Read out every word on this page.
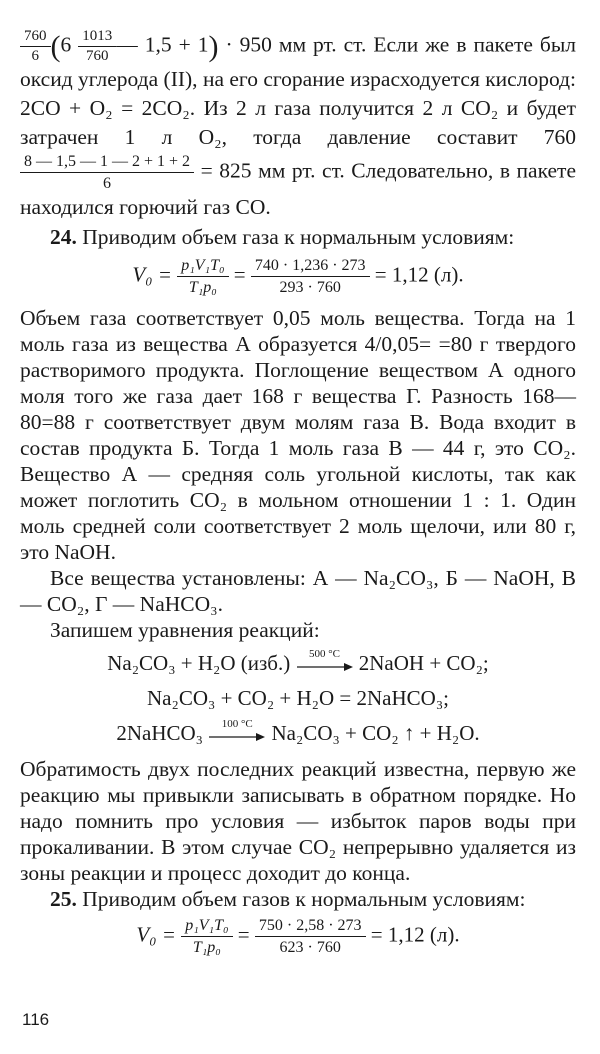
$\frac{760}{6} (6 \frac{1013}{760}$ — 1,5 + 1) · 950 мм рт. ст. Если же в пакете был оксид углерода (II), на его сгорание израсходуется кислород: 2CO + O₂ = 2CO₂. Из 2 л газа получится 2 л CO₂ и будет затрачен 1 л O₂, тогда давление составит 760
$\frac{8 — 1,5 — 1 — 2 + 1 + 2}{6} = 825$ мм рт. ст. Следовательно, в пакете находился горючий газ CO.

24. Приводим объем газа к нормальным условиям:

$V_0 = \frac{\text{p₁V₁T₀}}{\text{T₁p₀}} = \frac{740 \cdot 1,236 \cdot 273}{293 \cdot 760} = 1,12$ (л).

Объем газа соответствует 0,05 моль вещества. Тогда на 1 моль газа из вещества А образуется 4/0,05= =80 г твердого растворимого продукта. Поглощение веществом А одного моля того же газа дает 168 г вещества Г. Разность 168—80=88 г соответствует двум молям газа В. Вода входит в состав продукта Б. Тогда 1 моль газа В — 44 г, это CO₂. Вещество А — средняя соль угольной кислоты, так как может поглотить CO₂ в мольном отношении 1 : 1. Один моль средней соли соответствует 2 моль щелочи, или 80 г, это NaOH.

Все вещества установлены: А — Na₂CO₃, Б — NaOH, В — CO₂, Г — NaHCO₃.

Запишем уравнения реакций:

Na₂CO₃ + H₂O (изб.)	500 °C 2NaOH + CO₂;

Na₂CO₃ + CO₂ + H₂O = 2NaHCO₃;

2NaHCO₃	100 °C Na₂CO₃ + CO₂ ↑ + H₂O.

Обратимость двух последних реакций известна, первую же реакцию мы привыкли записывать в обратном порядке. Но надо помнить про условия — избыток паров воды при прокаливании. В этом случае CO₂ непрерывно удаляется из зоны реакции и процесс доходит до конца.

25. Приводим объем газов к нормальным условиям:

$V_0 = \frac{\text{p₁V₁T₀}}{\text{T₁p₀}} = \frac{750 \cdot 2,58 \cdot 273}{623 \cdot 760} = 1,12$ (л).

116
